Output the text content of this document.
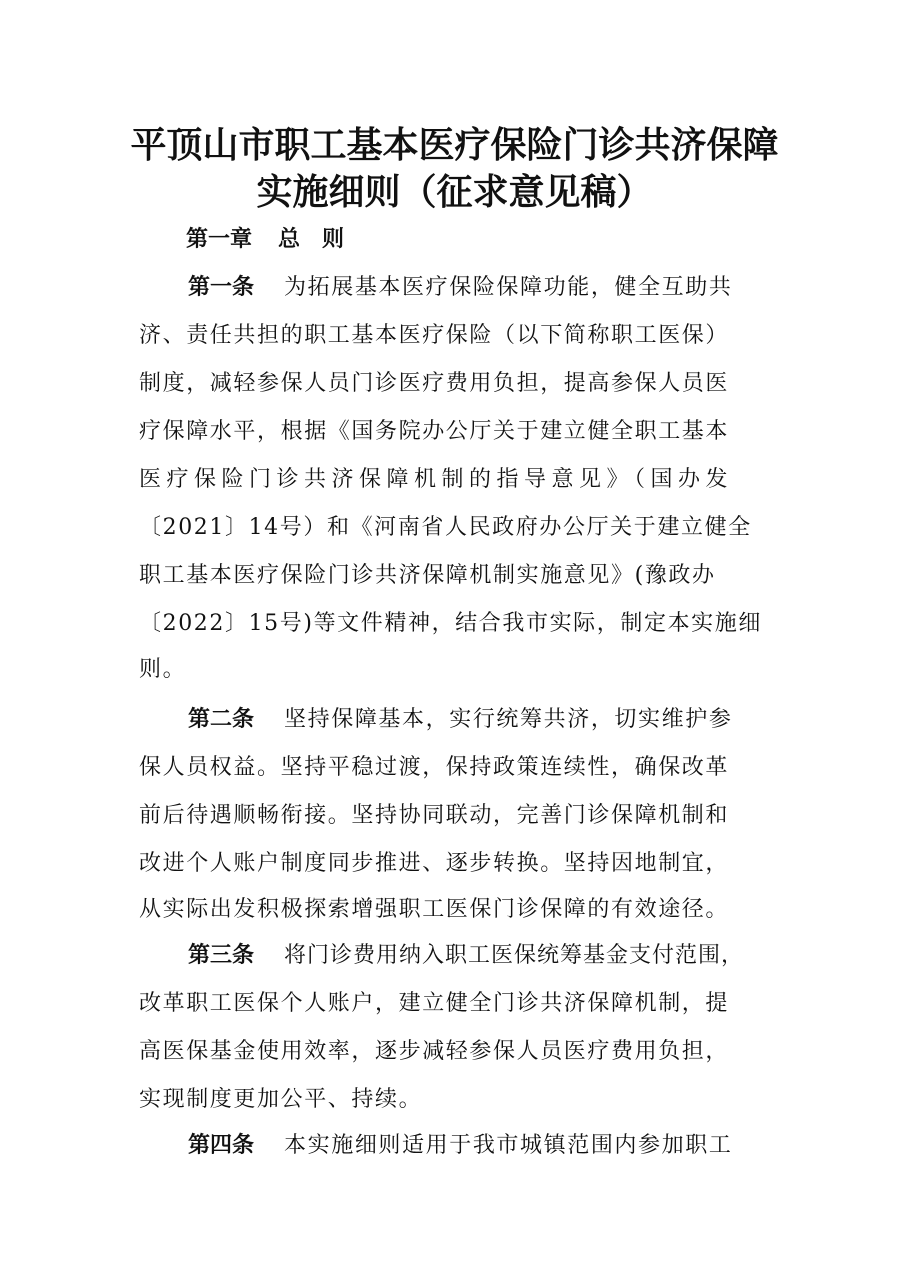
平顶山市职工基本医疗保险门诊共济保障
实施细则（征求意见稿）
第一章 总　则
第一条 为拓展基本医疗保险保障功能，健全互助共
济、责任共担的职工基本医疗保险（以下简称职工医保）
制度，减轻参保人员门诊医疗费用负担，提高参保人员医
疗保障水平，根据《国务院办公厅关于建立健全职工基本
医疗保险门诊共济保障机制的指导意见》（国办发
〔2021〕14号）和《河南省人民政府办公厅关于建立健全
职工基本医疗保险门诊共济保障机制实施意见》(豫政办
〔2022〕15号)等文件精神，结合我市实际，制定本实施细
则。
第二条 坚持保障基本，实行统筹共济，切实维护参
保人员权益。坚持平稳过渡，保持政策连续性，确保改革
前后待遇顺畅衔接。坚持协同联动，完善门诊保障机制和
改进个人账户制度同步推进、逐步转换。坚持因地制宜，
从实际出发积极探索增强职工医保门诊保障的有效途径。
第三条 将门诊费用纳入职工医保统筹基金支付范围，
改革职工医保个人账户，建立健全门诊共济保障机制，提
高医保基金使用效率，逐步减轻参保人员医疗费用负担，
实现制度更加公平、持续。
第四条 本实施细则适用于我市城镇范围内参加职工
